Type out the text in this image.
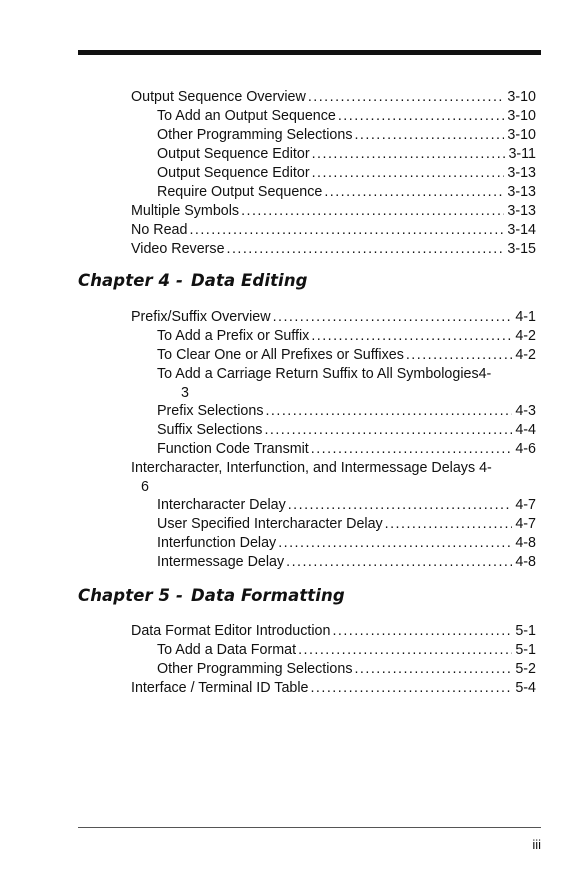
Output Sequence Overview . . .	3-10
To Add an Output Sequence . . .	3-10
Other Programming Selections . . .	3-10
Output Sequence Editor . . .	3-11
Output Sequence Editor . . .	3-13
Require Output Sequence . . .	3-13
Multiple Symbols . . .	3-13
No Read . . .	3-14
Video Reverse . . .	3-15
Chapter 4 - Data Editing
Prefix/Suffix Overview . . .	4-1
To Add a Prefix or Suffix . . .	4-2
To Clear One or All Prefixes or Suffixes . . .	4-2
To Add a Carriage Return Suffix to All Symbologies4-
3
Prefix Selections . . .	4-3
Suffix Selections . . .	4-4
Function Code Transmit . . .	4-6
Intercharacter, Interfunction, and Intermessage Delays 4-
6
Intercharacter Delay . . .	4-7
User Specified Intercharacter Delay . . .	4-7
Interfunction Delay . . .	4-8
Intermessage Delay . . .	4-8
Chapter 5 - Data Formatting
Data Format Editor Introduction . . .	5-1
To Add a Data Format . . .	5-1
Other Programming Selections . . .	5-2
Interface / Terminal ID Table . . .	5-4
iii
